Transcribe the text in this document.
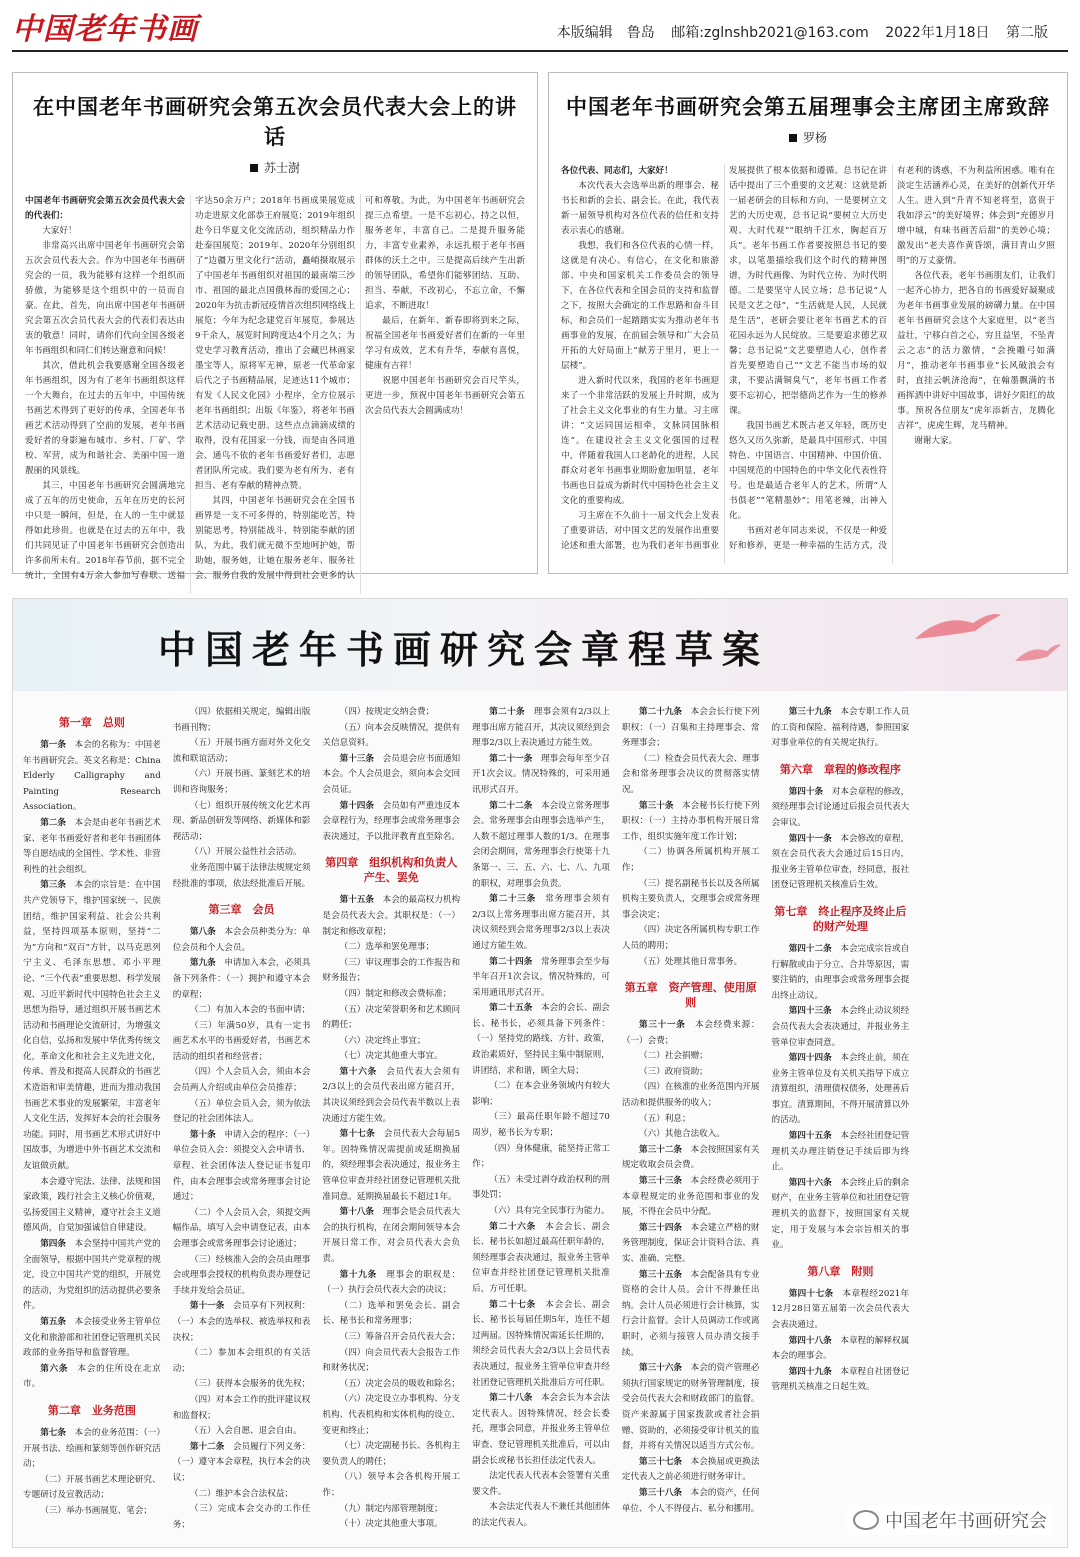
中国老年书画	本版编辑　鲁岛 邮箱:zglnshb2021@163.com 2022年1月18日 第二版
在中国老年书画研究会第五次会员代表大会上的讲话
苏士澍

中国老年书画研究会第五次会员代表大会的代表们：

大家好！

非常高兴出席中国老年书画研究会第五次会员代表大会。作为中国老年书画研究会的一员，我为能够有这样一个组织而骄傲，为能够是这个组织中的一员而自豪。在此，首先，向出席中国老年书画研究会第五次会员代表大会的代表们表达由衷的敬意！同时，请你们代向全国各级老年书画组织和同仁们转达谢意和问候！

其次，借此机会我要感谢全国各级老年书画组织，因为有了老年书画组织这样一个大舞台，在过去的五年中，中国传统书画艺术得到了更好的传承，全国老年书画艺术活动得到了空前的发展，老年书画爱好者的身影遍布城市、乡村、厂矿、学校、军营，成为和谐社会、美丽中国一道靓丽的风景线。

其三，中国老年书画研究会圆满地完成了五年的历史使命，五年在历史的长河中只是一瞬间，但是，在人的一生中就显得如此珍贵。也就是在过去的五年中，我们共同见证了中国老年书画研究会创造出许多前所未有。2018年春节前，据不完全统计，全国有4万余人参加写春联、送福字达50余万户；2018年书画成果展览成功走进原文化部恭王府展览；2019年组织赴今日华夏文化交流活动，组织精品力作赴泰国展览；2019年、2020年分别组织了“边疆万里文化行”活动，矗峭摄取展示了中国老年书画组织对祖国的最南端三沙市、祖国的最北点国俄林海的爱国之心；2020年为抗击新冠疫情首次组织网络线上展览；今年为纪念建党百年展览，参展达9千余人，展览时间跨度达4个月之久；为党史学习教育活动，推出了会藏巴林画家墨宝等人，原将军无神，原老一代革命家后代之子书画精品展，足迹达11个城市；有发《人民文化园》小程序，全方位展示老年书画组织；出版《年鉴》，将老年书画艺术活动记载史册。这些点点滴滴成绩的取得，没有花国家一分钱，而是由各同道会、通鸟不依的老年书画爱好者们，志愿者团队所完成。我们要为老有所为、老有担当、老有奉献的精神点赞。

其四，中国老年书画研究会在全国书画界是一支不可多得的，特别能吃苦，特别能思考，特别能战斗，特别能奉献的团队，为此，我们就无微不至地呵护她，帮助她，服务她，让她在服务老年、服务社会、服务自我的发展中得到社会更多的认可和尊敬。为此，为中国老年书画研究会提三点希望。一是不忘初心，持之以恒，服务老年，丰富自己。二是提升服务能力，丰富专业素养，永远扎根于老年书画群体的沃土之中。三是提高后续产生出新的领导团队，希望你们能够团结、互助、担当、奉献，不改初心，不忘立命，不懈追求，不断进取！

最后，在新年、新春即将到来之际，祝福全国老年书画爱好者们在新的一年里学习有成效，艺术有升华，奉献有喜悦，健康有吉祥！

祝愿中国老年书画研究会百尺竿头，更进一步，预祝中国老年书画研究会第五次会员代表大会圆满成功！

中国老年书画研究会第五届理事会主席团主席致辞
罗杨

各位代表、同志们，大家好！

本次代表大会选举出新的理事会、秘书长和新的会长、副会长。在此，我代表新一届领导机构对各位代表的信任和支持表示衷心的感谢。

我想，我们和各位代表的心情一样，这就是有决心、有信心，在文化和旅游部、中央和国家机关工作委员会的领导下，在各位代表和全国会员的支持和监督之下，按照大会确定的工作思路和奋斗目标，和会员们一起踏踏实实为推动老年书画事业的发展，在前届会领导和广大会员开拓的大好局面上“献芳于里月，更上一层楼”。

进入新时代以来，我国的老年书画迎来了一个非常活跃的发展上升时期，成为了社会主义文化事业的有生力量。习主席讲：“文运同国运相牵，文脉同国脉相连”。在建设社会主义文化强国的过程中，伴随着我国人口老龄化的进程，人民群众对老年书画事业期盼愈加明显，老年书画也日益成为新时代中国特色社会主义文化的重要构成。

习主席在不久前十一届文代会上发表了重要讲话，对中国文艺的发展作出重要论述和重大部署，也为我们老年书画事业发展提供了根本依据和遵循。总书记在讲话中提出了三个重要的文艺观：这就是新一届老研会的目标和方向，一是要树立文艺的大历史观，总书记说“要树立大历史观、大时代观”“眼纳千江水，胸起百万兵”。老年书画工作者要按照总书记的要求，以笔墨描绘我们这个时代的精神图谱，为时代画像、为时代立传、为时代明德。二是要坚守人民立场；总书记说“人民是文艺之母”，“生活就是人民，人民就是生活”，老研会要让老年书画艺术的百花园永远为人民绽放。三是要追求德艺双馨；总书记说“文艺要塑造人心，创作者首先要塑造自己”“文艺不能当市场的奴隶，不要沾满铜臭气”，老年书画工作者要不忘初心，把崇德尚艺作为一生的修养课。

我国书画艺术既古老又年轻，既历史悠久又历久弥新，是最具中国形式、中国特色、中国语言、中国精神、中国价值、中国规范的中国特色的中华文化代表性符号。也是最适合老年人的艺术，所谓“人书俱老”“笔精墨妙”；用笔老辣，出神入化。

书画对老年同志来说，不仅是一种爱好和修养，更是一种幸福的生活方式，没有老利的诱惑，不为利益所困惑。唯有在淡定生活涵养心灵，在美好的创新代开华人生。进入到“升青不知老将至，富贵于我如浮云”的美好境界；体会到“充德岁月增中城，有味书画苦后甜”的美妙心境；激发出“老夫喜作黄昏颂，满目青山夕照明”的万丈豪情。

各位代表，老年书画朋友们，让我们一起齐心协力，把各自的书画爱好凝聚成为老年书画事业发展的磅礴力量。在中国老年书画研究会这个大家庭里，以“老当益壮，宁移白首之心，穷且益坚，不坠青云之志”的活力激情，“会挽雕弓如满月”，推动老年书画事业“长风破浪会有时，直挂云帆济沧海”，在翰墨飘满的书画挥洒中讲好中国故事，讲好夕阳红的故事。预祝各位朋友“虎年添新吉，龙腾化吉祥”，虎虎生辉，龙马精神。

谢谢大家。

中国老年书画研究会章程草案

第一章　总则

第一条　 本会的名称为：中国老年书画研究会。英文名称是：China Elderly Calligraphy and Painting Research Association。

第二条　 本会是由老年书画艺术家、老年书画爱好者和老年书画团体等自愿结成的全国性、学术性、非营利性的社会组织。

第三条　 本会的宗旨是：在中国共产党领导下，维护国家统一、民族团结，维护国家利益、社会公共利益，坚持四项基本原则，坚持“二为”方向和“双百”方针，以马克思列宁主义、毛泽东思想、邓小平理论、“三个代表”重要思想、科学发展观、习近平新时代中国特色社会主义思想为指导，通过组织开展书画艺术活动和书画理论交流研讨，为增强文化自信，弘扬和发展中华优秀传统文化，革命文化和社会主义先进文化，传承、普及和提高人民群众的书画艺术造诣和审美情趣，进而为推动我国书画艺术事业的发展繁荣，丰富老年人文化生活，发挥好本会的社会服务功能。同时，用书画艺术形式讲好中国故事，为增进中外书画艺术交流和友谊做贡献。

本会遵守宪法、法律、法规和国家政策，践行社会主义核心价值观，弘扬爱国主义精神，遵守社会主义道德风尚，自觉加强诚信自律建设。

第四条　 本会坚持中国共产党的全面领导，根据中国共产党章程的规定，设立中国共产党的组织，开展党的活动，为党组织的活动提供必要条件。

第五条　 本会接受业务主管单位文化和旅游部和社团登记管理机关民政部的业务指导和监督管理。

第六条　 本会的住所设在北京市。

第二章　业务范围

第七条　 本会的业务范围：（一）开展书法、绘画和篆刻等创作研究活动；

（二）开展书画艺术理论研究、专题研讨及宣教活动；

（三）举办书画展览、笔会；

（四）依据相关规定，编辑出版书画刊物；

（五）开展书画方面对外文化交流和联谊活动；

（六）开展书画、篆刻艺术的培训和咨询服务；

（七）组织开展传统文化艺术再现、新品创研发等网络、新媒体和影视活动；

（八）开展公益性社会活动。

业务范围中属于法律法规规定须经批准的事项，依法经批准后开展。

第三章　会员

第八条　 本会会员种类分为：单位会员和个人会员。

第九条　 申请加入本会，必须具备下列条件：（一）拥护和遵守本会的章程；

（二）有加入本会的书面申请；

（三）年满50岁，具有一定书画艺术水平的书画爱好者，书画艺术活动的组织者和经营者；

（四）个人会员入会，须由本会会员两人介绍或由单位会员推荐；

（五）单位会员入会，须为依法登记的社会团体法人。

第十条　 申请入会的程序：（一）单位会员入会：须提交入会申请书、章程、社会团体法人登记证书复印件，由本会理事会或常务理事会讨论通过；

（二）个人会员入会，须提交两幅作品，填写入会申请登记表，由本会理事会或常务理事会讨论通过；

（三）经核准入会的会员由理事会或理事会授权的机构负责办理登记手续并发给会员证。

第十一条　 会员享有下列权利：（一）本会的选举权、被选举权和表决权；

（二）参加本会组织的有关活动；

（三）获得本会服务的优先权；

（四）对本会工作的批评建议权和监督权；

（五）入会自愿、退会自由。

第十二条　 会员履行下列义务：（一）遵守本会章程，执行本会的决议；

（二）维护本会合法权益；

（三）完成本会交办的工作任务；

（四）按规定交纳会费；

（五）向本会反映情况，提供有关信息资料。

第十三条　 会员退会应书面通知本会。个人会员退会，须向本会交回会员证。

第十四条　 会员如有严重违反本会章程行为，经理事会或常务理事会表决通过，予以批评教育直至除名。

第四章　组织机构和负责人产生、罢免

第十五条　 本会的最高权力机构是会员代表大会。其职权是：（一）制定和修改章程；

（二）选举和罢免理事；

（三）审议理事会的工作报告和财务报告；

（四）制定和修改会费标准；

（五）决定荣誉职务和艺术顾问的聘任；

（六）决定终止事宜；

（七）决定其他重大事宜。

第十六条　 会员代表大会须有2/3以上的会员代表出席方能召开，其决议须经到会会员代表半数以上表决通过方能生效。

第十七条　 会员代表大会每届5年。因特殊情况需提前或延期换届的，须经理事会表决通过，报业务主管单位审查并经社团登记管理机关批准同意。延期换届最长不超过1年。

第十八条　 理事会是会员代表大会的执行机构，在闭会期间领导本会开展日常工作，对会员代表大会负责。

第十九条　 理事会的职权是：（一）执行会员代表大会的决议；

（二）选举和罢免会长、副会长、秘书长和常务理事；

（三）筹备召开会员代表大会；

（四）向会员代表大会报告工作和财务状况；

（五）决定会员的吸收和除名；

（六）决定设立办事机构、分支机构、代表机构和实体机构的设立、变更和终止；

（七）决定副秘书长、各机构主要负责人的聘任；

（八）领导本会各机构开展工作；

（九）制定内部管理制度；

（十）决定其他重大事项。

第二十条　 理事会须有2/3以上理事出席方能召开，其决议须经到会理事2/3以上表决通过方能生效。

第二十一条　 理事会每年至少召开1次会议。情况特殊的，可采用通讯形式召开。

第二十二条　 本会设立常务理事会。常务理事会由理事会选举产生，人数不超过理事人数的1/3。在理事会闭会期间，常务理事会行使第十九条第一、三、五、六、七、八、九项的职权，对理事会负责。

第二十三条　 常务理事会须有2/3以上常务理事出席方能召开，其决议须经到会常务理事2/3以上表决通过方能生效。

第二十四条　 常务理事会至少每半年召开1次会议，情况特殊的，可采用通讯形式召开。

第二十五条　 本会的会长、副会长、秘书长，必须具备下列条件：（一）坚持党的路线、方针、政策，政治素质好，坚持民主集中制原则，讲团结，求和谐，顾全大局；

（二）在本会业务领域内有较大影响；

（三）最高任职年龄不超过70周岁，秘书长为专职；

（四）身体健康，能坚持正常工作；

（五）未受过剥夺政治权利的刑事处罚；

（六）具有完全民事行为能力。

第二十六条　 本会会长、副会长、秘书长如超过最高任职年龄的，须经理事会表决通过，报业务主管单位审查并经社团登记管理机关批准后，方可任职。

第二十七条　 本会会长、副会长、秘书长每届任期5年，连任不超过两届。因特殊情况需延长任期的，须经会员代表大会2/3以上会员代表表决通过，报业务主管单位审查并经社团登记管理机关批准后方可任职。

第二十八条　 本会会长为本会法定代表人。因特殊情况，经会长委托，理事会同意，并报业务主管单位审查、登记管理机关批准后，可以由副会长或秘书长担任法定代表人。

法定代表人代表本会签署有关重要文件。

本会法定代表人不兼任其他团体的法定代表人。

第二十九条　 本会会长行使下列职权：（一）召集和主持理事会、常务理事会；

（二）检查会员代表大会、理事会和常务理事会决议的贯彻落实情况。

第三十条　 本会秘书长行使下列职权：（一）主持办事机构开展日常工作，组织实施年度工作计划；

（二）协调各所属机构开展工作；

（三）提名副秘书长以及各所属机构主要负责人，交理事会或常务理事会决定；

（四）决定各所属机构专职工作人员的聘用；

（五）处理其他日常事务。

第五章　资产管理、使用原则

第三十一条　 本会经费来源：（一）会费；

（二）社会捐赠；

（三）政府资助；

（四）在核准的业务范围内开展活动和提供服务的收入；

（五）利息；

（六）其他合法收入。

第三十二条　 本会按照国家有关规定收取会员会费。

第三十三条　 本会经费必须用于本章程规定的业务范围和事业的发展，不得在会员中分配。

第三十四条　 本会建立严格的财务管理制度，保证会计资料合法、真实、准确、完整。

第三十五条　 本会配备具有专业资格的会计人员。会计不得兼任出纳。会计人员必须进行会计核算，实行会计监督。会计人员调动工作或离职时，必须与接管人员办清交接手续。

第三十六条　 本会的资产管理必须执行国家规定的财务管理制度，接受会员代表大会和财政部门的监督。资产来源属于国家拨款或者社会捐赠、资助的，必须接受审计机关的监督，并将有关情况以适当方式公布。

第三十七条　 本会换届或更换法定代表人之前必须进行财务审计。

第三十八条　 本会的资产，任何单位、个人不得侵占、私分和挪用。

第三十九条　 本会专职工作人员的工资和保险、福利待遇，参照国家对事业单位的有关规定执行。

第六章　章程的修改程序

第四十条　 对本会章程的修改，须经理事会讨论通过后报会员代表大会审议。

第四十一条　 本会修改的章程，须在会员代表大会通过后15日内，报业务主管单位审查，经同意，报社团登记管理机关核准后生效。

第七章　终止程序及终止后的财产处理

第四十二条　 本会完成宗旨或自行解散或由于分立、合并等原因，需要注销的，由理事会或常务理事会提出终止动议。

第四十三条　 本会终止动议须经会员代表大会表决通过，并报业务主管单位审查同意。

第四十四条　 本会终止前，须在业务主管单位及有关机关指导下成立清算组织，清理债权债务，处理善后事宜。清算期间，不得开展清算以外的活动。

第四十五条　 本会经社团登记管理机关办理注销登记手续后即为终止。

第四十六条　 本会终止后的剩余财产，在业务主管单位和社团登记管理机关的监督下，按照国家有关规定，用于发展与本会宗旨相关的事业。

第八章　附则

第四十七条　 本章程经2021年12月28日第五届第一次会员代表大会表决通过。

第四十八条　 本章程的解释权属本会的理事会。

第四十九条　 本章程自社团登记管理机关核准之日起生效。

中国老年书画研究会
